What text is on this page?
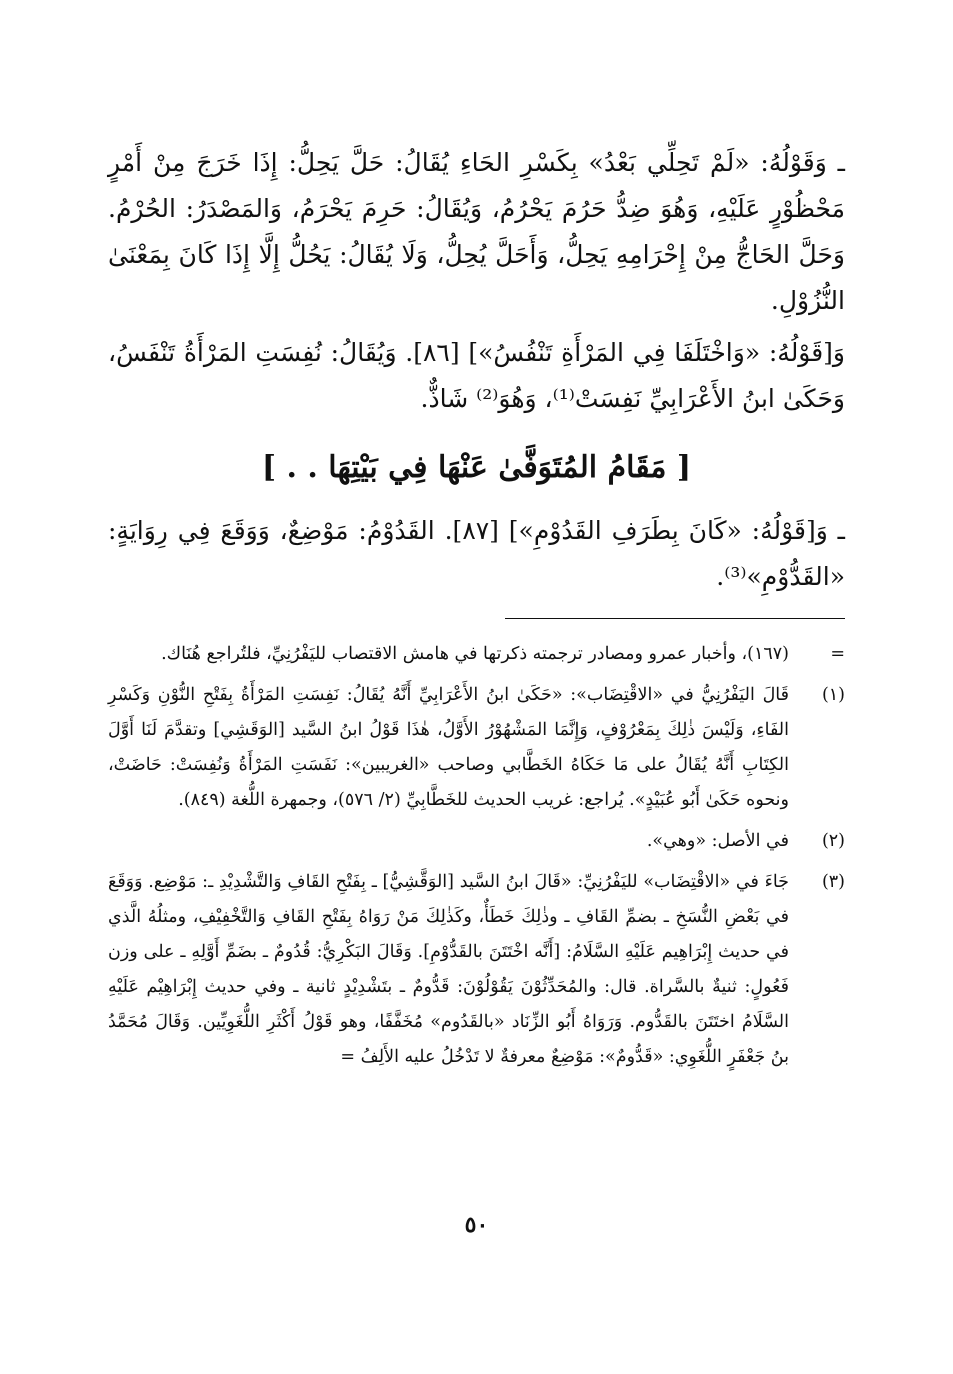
ـ وَقَوْلُهُ: «لَمْ تَحِلِّي بَعْدُ» بِكَسْرِ الحَاءِ يُقَالُ: حَلَّ يَحِلُّ: إِذَا خَرَجَ مِنْ أَمْرٍ مَحْظُوْرٍ عَلَيْهِ، وَهُوَ ضِدُّ حَرُمَ يَحْرُمُ، وَيُقَالُ: حَرِمَ يَحْرَمُ، وَالمَصْدَرُ: الحُرْمُ. وَحَلَّ الحَاجُّ مِنْ إِحْرَامِهِ يَحِلُّ، وَأَحَلَّ يُحِلُّ، وَلَا يُقَالُ: يَحُلُّ إِلَّا إِذَا كَانَ بِمَعْنَىٰ النُّزُوْلِ.

وَ[قَوْلُهُ: «وَاخْتَلَفَا فِي المَرْأَةِ تَنْفُسُ»] [٨٦]. وَيُقَالُ: نُفِسَتِ المَرْأَةُ تَنْفَسُ، وَحَكَىٰ ابنُ الأَعْرَابِيِّ نَفِسَتْ⁽¹⁾، وَهُوَ⁽²⁾ شَاذٌّ.

[ مَقَامُ المُتَوَفَّىٰ عَنْهَا فِي بَيْتِهَا . . ]

ـ وَ[قَوْلُهُ: «كَانَ بِطَرَفِ القَدُوْمِ»] [٨٧]. القَدُوْمُ: مَوْضِعٌ، وَوَقَعَ فِي رِوَايَةٍ: «القَدُّوْمِ»⁽³⁾.

=
(١٦٧)، وأخبار عمرو ومصادر ترجمته ذكرتها في هامش الاقتصاب لليَفْرُنِيِّ، فلتُراجع هُنَاك.
(١)
قَالَ اليَفْرُنِيُّ في «الاقْتِضَاب»: «حَكَىٰ ابنُ الأَعْرَابِيِّ أَنَّهُ يُقَالُ: نَفِسَتِ المَرْأَةُ بِفَتْحِ النُّوْنِ وَكَسْرِ الفَاءِ، وَلَيْسَ ذٰلِكَ بِمَعْرُوْفٍ، وَإِنَّمَا المَشْهُوْرُ الأَوَّلُ، هٰذَا قَوْلُ ابنُ السَّيد [الوَقَشِي] وتقدَّمَ لَنَا أَوَّلَ الكِتَابِ أَنَّهُ يُقَالُ على مَا حَكَاهُ الخَطَّابي وصاحب «الغريبين»: نَفَسَتِ المَرْأَةُ وَنُفِسَتْ: حَاضَتْ، ونحوه حَكَىٰ أَبُو عُبَيْدٍ». يُراجع: غريب الحديث للخَطَّابِيِّ (٢/ ٥٧٦)، وجمهرة اللُّغة (٨٤٩).
(٢)
في الأصل: «وهي».
(٣)
جَاءَ في «الاقْتِضَاب» لليَفْرُنِيِّ: «قَالَ ابنُ السَّيد [الوَقَّشِيُّ] ـ بِفَتْحِ القَافِ وَالتَّشْدِيْدِ ـ: مَوْضِع. وَوَقَعَ في بَعْضِ النُّسَخِ ـ بضمِّ القَافِ ـ وذٰلِكَ خَطَأٌ، وكَذٰلِكَ مَنْ رَوَاهُ بِفَتْحِ القَافِ وَالتَّخْفِيْفِ، ومثلُهُ الَّذي في حديث إِبْرَاهِيم عَلَيْهِ السَّلَامُ: [أَنَّه اخْتَتَنَ بالقَدُّوْمِ]. وَقَالَ البَكْرِيُّ: قُدُومٌ ـ بضَمِّ أَوَّلِهِ ـ على وزن فَعُولٍ: ثنيةٌ بالسَّراة. قال: والمُحَدِّثُوْنَ يَقُوْلُوْنَ: قَدُّومٌ ـ بتَشْدِيْدٍ ثانية ـ وفي حديث إِبْرَاهِيْم عَلَيْهِ السَّلَامُ اختَتَنَ بالقَدُّوم. وَرَوَاهُ أَبُو الزِّنَاد «بالقَدُوم» مُخَفَّفًا، وهو قَوْلُ أَكْثَرِ اللُّغَوِيِّين. وَقَالَ مُحَمَّدُ بنُ جَعْفَرٍ اللُّغَوِي: «قَدُّومٌ»: مَوْضِعٌ معرفةٌ لا تَدْخُلُ عليه الأَلِفُ =
٥٠
